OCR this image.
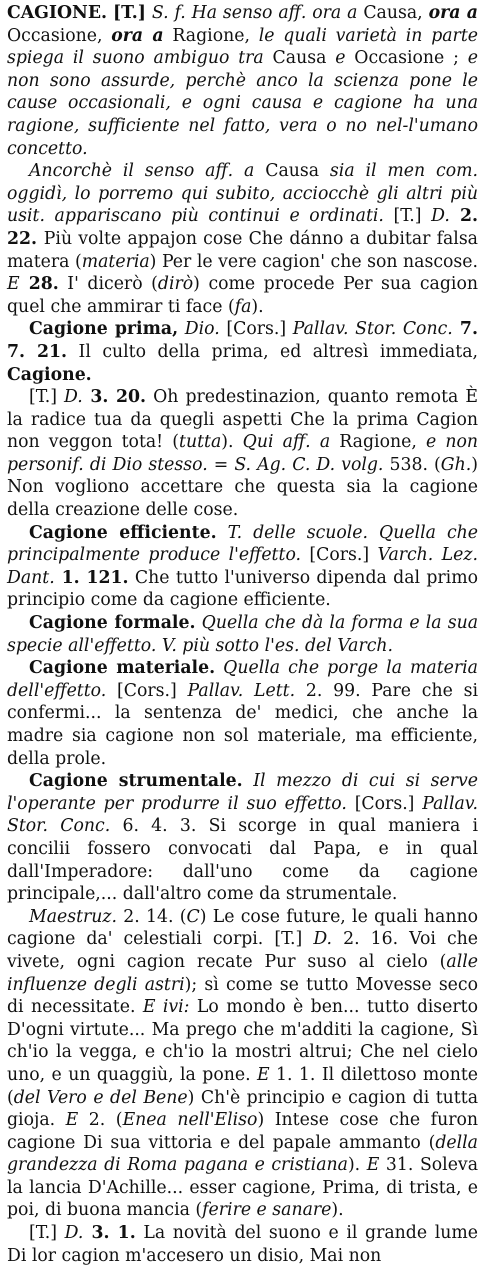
CAGIONE. [T.] S. f. Ha senso aff. ora a Causa, ora a Occasione, ora a Ragione, le quali varietà in parte spiega il suono ambiguo tra Causa e Occasione ; e non sono assurde, perchè anco la scienza pone le cause occasionali, e ogni causa e cagione ha una ragione, sufficiente nel fatto, vera o no nel-l'umano concetto.

Ancorchè il senso aff. a Causa sia il men com. oggidì, lo porremo qui subito, acciocchè gli altri più usit. appariscano più continui e ordinati. [T.] D. 2. 22. Più volte appajon cose Che dánno a dubitar falsa matera (materia) Per le vere cagion' che son nascose. E 28. I' dicerò (dirò) come procede Per sua cagion quel che ammirar ti face (fa).

Cagione prima, Dio. [Cors.] Pallav. Stor. Conc. 7. 7. 21. Il culto della prima, ed altresì immediata, Cagione.

[T.] D. 3. 20. Oh predestinazion, quanto remota È la radice tua da quegli aspetti Che la prima Cagion non veggon tota! (tutta). Qui aff. a Ragione, e non personif. di Dio stesso. = S. Ag. C. D. volg. 538. (Gh.) Non vogliono accettare che questa sia la cagione della creazione delle cose.

Cagione efficiente. T. delle scuole. Quella che principalmente produce l'effetto. [Cors.] Varch. Lez. Dant. 1. 121. Che tutto l'universo dipenda dal primo principio come da cagione efficiente.

Cagione formale. Quella che dà la forma e la sua specie all'effetto. V. più sotto l'es. del Varch.

Cagione materiale. Quella che porge la materia dell'effetto. [Cors.] Pallav. Lett. 2. 99. Pare che si confermi... la sentenza de' medici, che anche la madre sia cagione non sol materiale, ma efficiente, della prole.

Cagione strumentale. Il mezzo di cui si serve l'operante per produrre il suo effetto. [Cors.] Pallav. Stor. Conc. 6. 4. 3. Si scorge in qual maniera i concilii fossero convocati dal Papa, e in qual dall'Imperadore: dall'uno come da cagione principale,... dall'altro come da strumentale.

Maestruz. 2. 14. (C) Le cose future, le quali hanno cagione da' celestiali corpi. [T.] D. 2. 16. Voi che vivete, ogni cagion recate Pur suso al cielo (alle influenze degli astri); sì come se tutto Movesse seco di necessitate. E ivi: Lo mondo è ben... tutto diserto D'ogni virtute... Ma prego che m'additi la cagione, Sì ch'io la vegga, e ch'io la mostri altrui; Che nel cielo uno, e un quaggiù, la pone. E 1. 1. Il dilettoso monte (del Vero e del Bene) Ch'è principio e cagion di tutta gioja. E 2. (Enea nell'Eliso) Intese cose che furon cagione Di sua vittoria e del papale ammanto (della grandezza di Roma pagana e cristiana). E 31. Soleva la lancia D'Achille... esser cagione, Prima, di trista, e poi, di buona mancia (ferire e sanare).

[T.] D. 3. 1. La novità del suono e il grande lume Di lor cagion m'accesero un disio, Mai non
